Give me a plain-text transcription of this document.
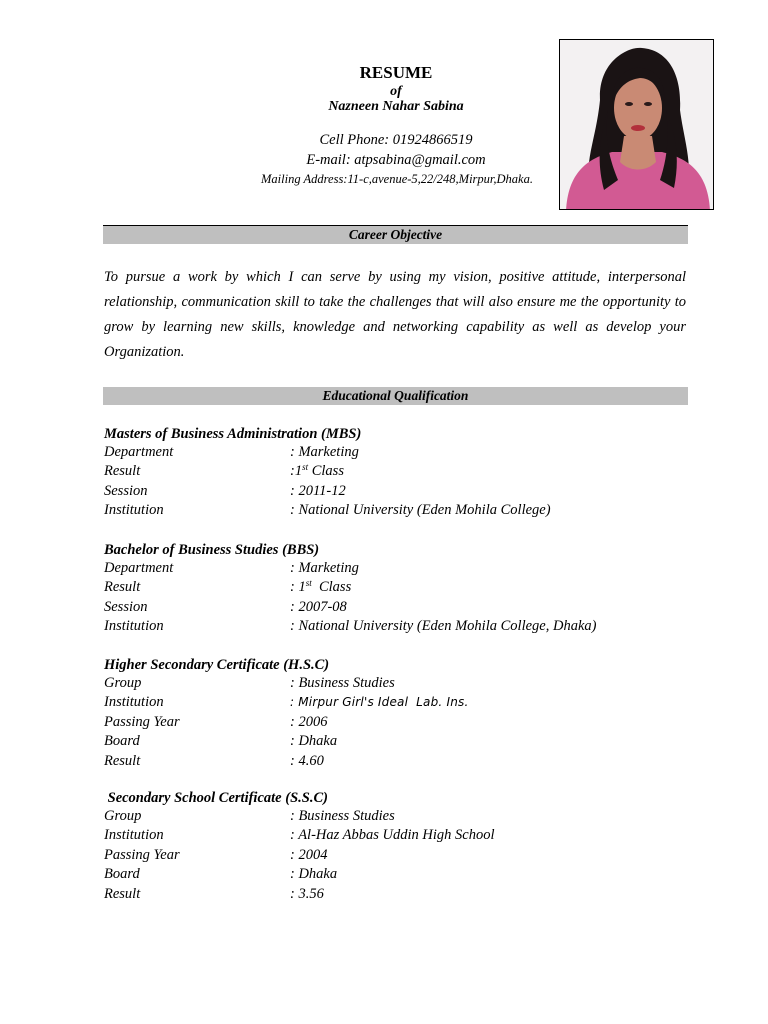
RESUME
of
Nazneen Nahar Sabina
Cell Phone: 01924866519
E-mail: atpsabina@gmail.com
Mailing Address:11-c,avenue-5,22/248,Mirpur,Dhaka.
Career Objective

To pursue a work by which I can serve by using my vision, positive attitude, interpersonal relationship, communication skill to take the challenges that will also ensure me the opportunity to grow by learning new skills, knowledge and networking capability as well as develop your Organization.

Educational Qualification
Masters of Business Administration (MBS)
Department	: Marketing
Result	:1st Class
Session	: 2011-12
Institution	: National University (Eden Mohila College)
Bachelor of Business Studies (BBS)
Department	: Marketing
Result	: 1st  Class
Session	: 2007-08
Institution	: National University (Eden Mohila College, Dhaka)
Higher Secondary Certificate (H.S.C)
Group	: Business Studies
Institution	: Mirpur Girl's Ideal  Lab. Ins.
Passing Year	: 2006
Board	: Dhaka
Result	: 4.60
Secondary School Certificate (S.S.C)
Group	: Business Studies
Institution	: Al-Haz Abbas Uddin High School
Passing Year	: 2004
Board	: Dhaka
Result	: 3.56
